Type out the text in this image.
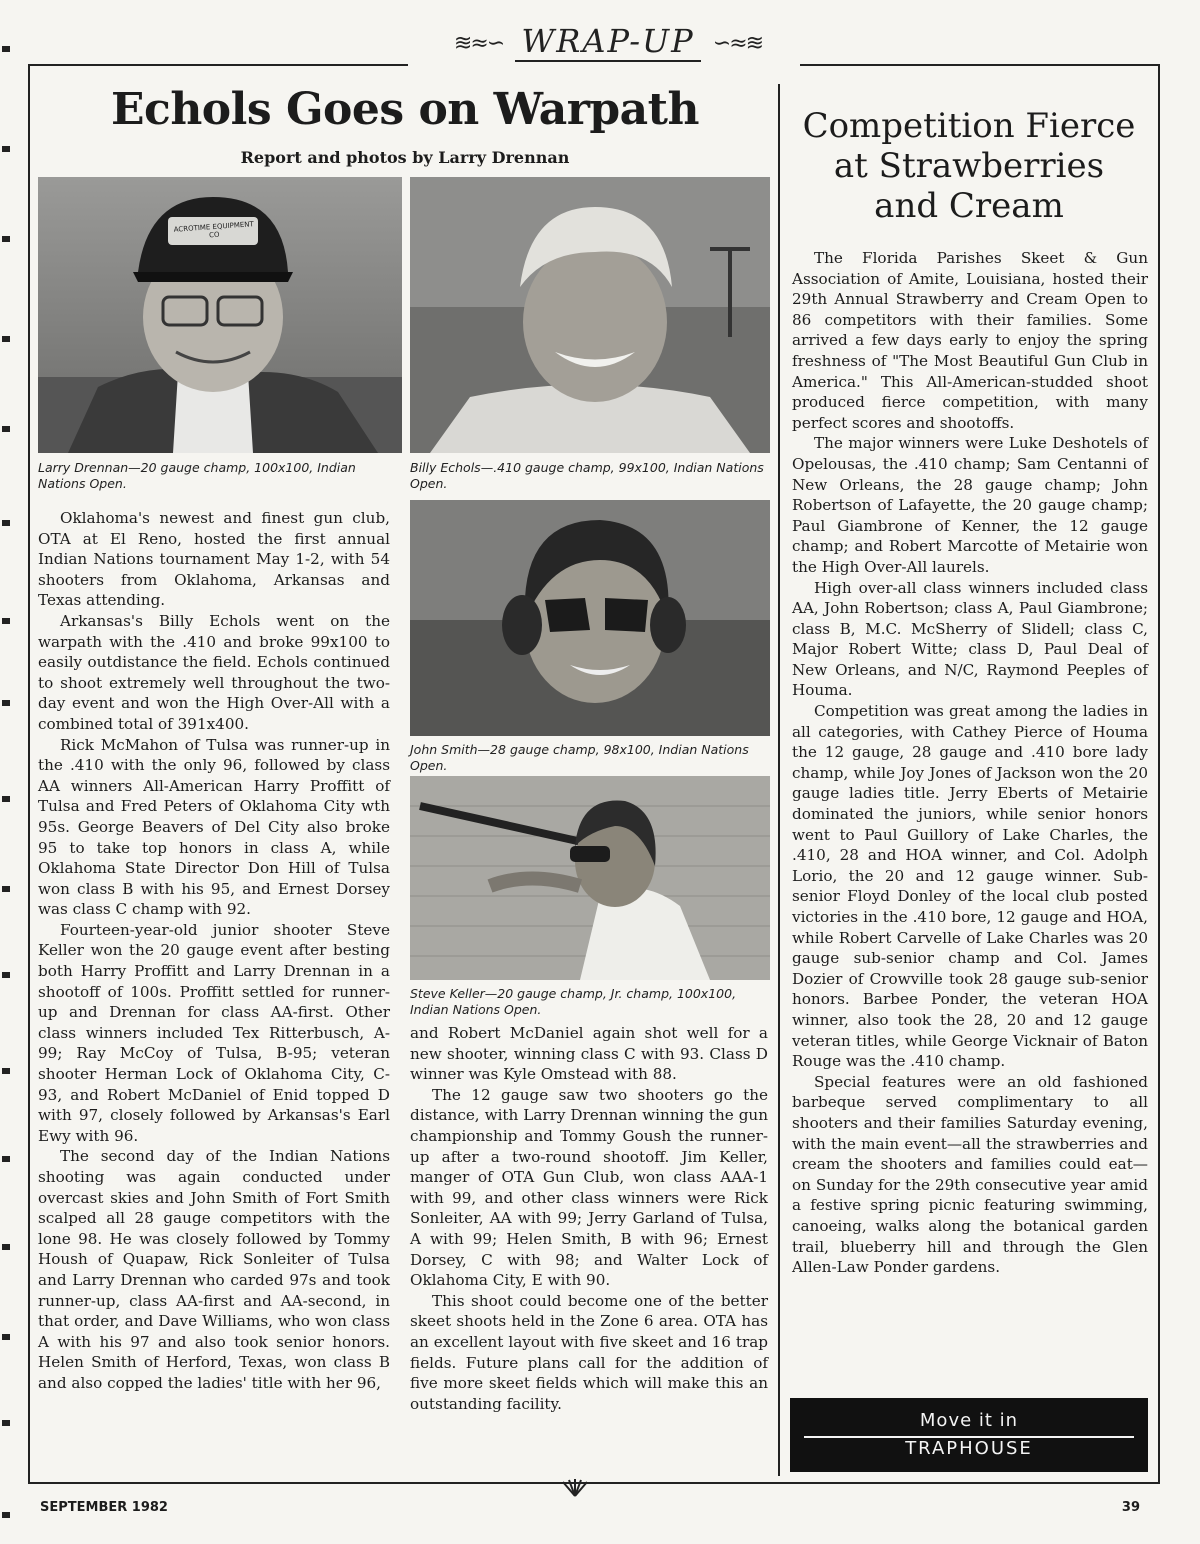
≋≈∽ WRAP-UP ∽≈≋
Echols Goes on Warpath
Report and photos by Larry Drennan
ACROTIME EQUIPMENT CO
Larry Drennan—20 gauge champ, 100x100, Indian Nations Open.
Billy Echols—.410 gauge champ, 99x100, Indian Nations Open.
John Smith—28 gauge champ, 98x100, Indian Nations Open.
Steve Keller—20 gauge champ, Jr. champ, 100x100, Indian Nations Open.

Oklahoma's newest and finest gun club, OTA at El Reno, hosted the first annual Indian Nations tournament May 1-2, with 54 shooters from Oklahoma, Arkansas and Texas attending.

Arkansas's Billy Echols went on the warpath with the .410 and broke 99x100 to easily outdistance the field. Echols continued to shoot extremely well throughout the two-day event and won the High Over-All with a combined total of 391x400.

Rick McMahon of Tulsa was runner-up in the .410 with the only 96, followed by class AA winners All-American Harry Proffitt of Tulsa and Fred Peters of Oklahoma City wth 95s. George Beavers of Del City also broke 95 to take top honors in class A, while Oklahoma State Director Don Hill of Tulsa won class B with his 95, and Ernest Dorsey was class C champ with 92.

Fourteen-year-old junior shooter Steve Keller won the 20 gauge event after besting both Harry Proffitt and Larry Drennan in a shootoff of 100s. Proffitt settled for runner-up and Drennan for class AA-first. Other class winners included Tex Ritterbusch, A-99; Ray McCoy of Tulsa, B-95; veteran shooter Herman Lock of Oklahoma City, C-93, and Robert McDaniel of Enid topped D with 97, closely followed by Arkansas's Earl Ewy with 96.

The second day of the Indian Nations shooting was again conducted under overcast skies and John Smith of Fort Smith scalped all 28 gauge competitors with the lone 98. He was closely followed by Tommy Housh of Quapaw, Rick Sonleiter of Tulsa and Larry Drennan who carded 97s and took runner-up, class AA-first and AA-second, in that order, and Dave Williams, who won class A with his 97 and also took senior honors. Helen Smith of Herford, Texas, won class B and also copped the ladies' title with her 96,

and Robert McDaniel again shot well for a new shooter, winning class C with 93. Class D winner was Kyle Omstead with 88.

The 12 gauge saw two shooters go the distance, with Larry Drennan winning the gun championship and Tommy Goush the runner-up after a two-round shootoff. Jim Keller, manger of OTA Gun Club, won class AAA-1 with 99, and other class winners were Rick Sonleiter, AA with 99; Jerry Garland of Tulsa, A with 99; Helen Smith, B with 96; Ernest Dorsey, C with 98; and Walter Lock of Oklahoma City, E with 90.

This shoot could become one of the better skeet shoots held in the Zone 6 area. OTA has an excellent layout with five skeet and 16 trap fields. Future plans call for the addition of five more skeet fields which will make this an outstanding facility.

Competition Fierce
at Strawberries
and Cream

The Florida Parishes Skeet & Gun Association of Amite, Louisiana, hosted their 29th Annual Strawberry and Cream Open to 86 competitors with their families. Some arrived a few days early to enjoy the spring freshness of "The Most Beautiful Gun Club in America." This All-American-studded shoot produced fierce competition, with many perfect scores and shootoffs.

The major winners were Luke Deshotels of Opelousas, the .410 champ; Sam Centanni of New Orleans, the 28 gauge champ; John Robertson of Lafayette, the 20 gauge champ; Paul Giambrone of Kenner, the 12 gauge champ; and Robert Marcotte of Metairie won the High Over-All laurels.

High over-all class winners included class AA, John Robertson; class A, Paul Giambrone; class B, M.C. McSherry of Slidell; class C, Major Robert Witte; class D, Paul Deal of New Orleans, and N/C, Raymond Peeples of Houma.

Competition was great among the ladies in all categories, with Cathey Pierce of Houma the 12 gauge, 28 gauge and .410 bore lady champ, while Joy Jones of Jackson won the 20 gauge ladies title. Jerry Eberts of Metairie dominated the juniors, while senior honors went to Paul Guillory of Lake Charles, the .410, 28 and HOA winner, and Col. Adolph Lorio, the 20 and 12 gauge winner. Sub-senior Floyd Donley of the local club posted victories in the .410 bore, 12 gauge and HOA, while Robert Carvelle of Lake Charles was 20 gauge sub-senior champ and Col. James Dozier of Crowville took 28 gauge sub-senior honors. Barbee Ponder, the veteran HOA winner, also took the 28, 20 and 12 gauge veteran titles, while George Vicknair of Baton Rouge was the .410 champ.

Special features were an old fashioned barbeque served complimentary to all shooters and their families Saturday evening, with the main event—all the strawberries and cream the shooters and families could eat—on Sunday for the 29th consecutive year amid a festive spring picnic featuring swimming, canoeing, walks along the botanical garden trail, blueberry hill and through the Glen Allen-Law Ponder gardens.

Move it in
TRAPHOUSE
SEPTEMBER 1982	39
